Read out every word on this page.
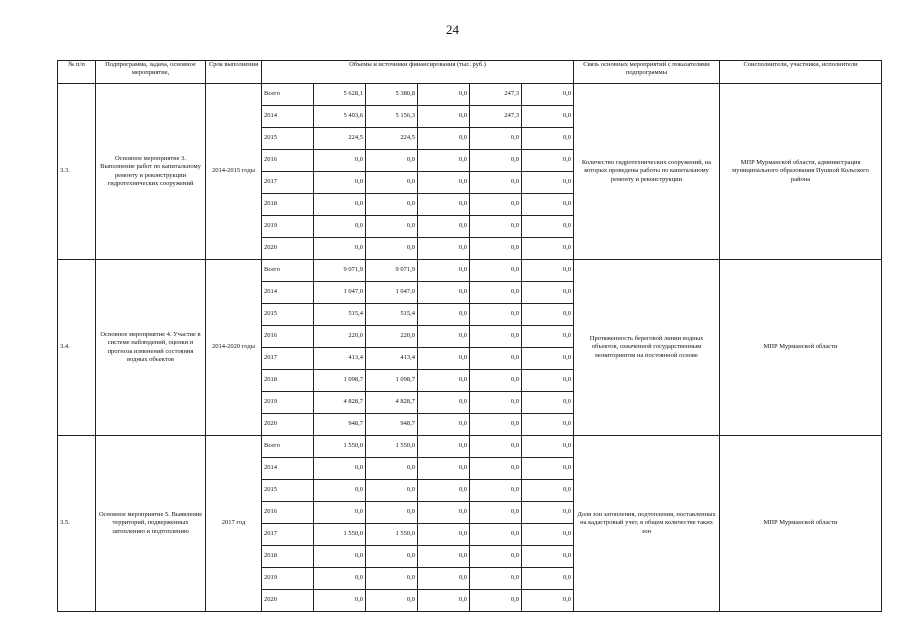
24
№ п/п	Подпрограмма, задача, основное мероприятие,	Срок выполнения	Объемы и источники финансирования (тыс. руб.)						Связь основных мероприятий с показателями подпрограммы	Соисполнители, участники, исполнители
3.3.	Основное мероприятие 3. Выполнение работ по капитальному ремонту и реконструкции гидротехнических сооружений	2014-2015 годы	Всего	5 628,1	5 380,8	0,0	247,3	0,0	Количество гидротехнических сооружений, на которых проведены работы по капитальному ремонту и реконструкции	МПР Мурманской области, администрация муниципального образования Пушной Кольского района
			2014	5 403,6	5 156,3	0,0	247,3	0,0		
			2015	224,5	224,5	0,0	0,0	0,0		
			2016	0,0	0,0	0,0	0,0	0,0		
			2017	0,0	0,0	0,0	0,0	0,0		
			2018	0,0	0,0	0,0	0,0	0,0		
			2019	0,0	0,0	0,0	0,0	0,0		
			2020	0,0	0,0	0,0	0,0	0,0		
3.4.	Основное мероприятие 4. Участие в системе наблюдений, оценки и прогноза изменений состояния водных объектов	2014-2020 годы	Всего	9 071,9	9 071,9	0,0	0,0	0,0	Протяженность береговой линии водных объектов, охваченной государственным мониторингом на постоянной основе	МПР Мурманской области
			2014	1 047,0	1 047,0	0,0	0,0	0,0		
			2015	515,4	515,4	0,0	0,0	0,0		
			2016	220,0	220,0	0,0	0,0	0,0		
			2017	413,4	413,4	0,0	0,0	0,0		
			2018	1 098,7	1 098,7	0,0	0,0	0,0		
			2019	4 828,7	4 828,7	0,0	0,0	0,0		
			2020	948,7	948,7	0,0	0,0	0,0		
3.5.	Основное мероприятие 5. Выявление территорий, подверженных затоплению и подтоплению	2017 год	Всего	1 550,0	1 550,0	0,0	0,0	0,0	Доля зон затопления, подтопления, поставленных на кадастровый учет, в общем количестве таких зон	МПР Мурманской области
			2014	0,0	0,0	0,0	0,0	0,0		
			2015	0,0	0,0	0,0	0,0	0,0		
			2016	0,0	0,0	0,0	0,0	0,0		
			2017	1 550,0	1 550,0	0,0	0,0	0,0		
			2018	0,0	0,0	0,0	0,0	0,0		
			2019	0,0	0,0	0,0	0,0	0,0		
			2020	0,0	0,0	0,0	0,0	0,0		
